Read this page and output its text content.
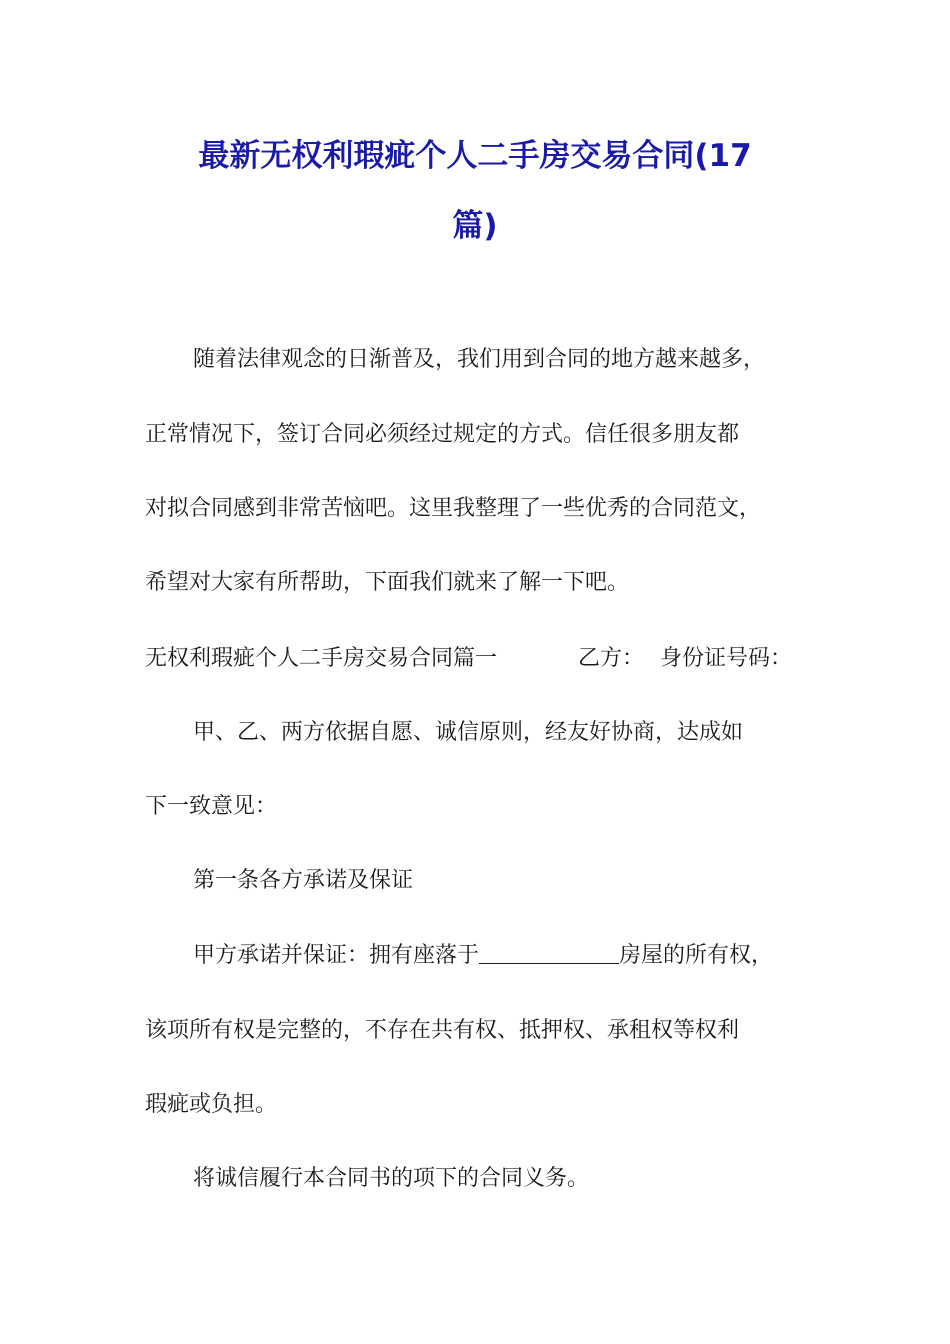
最新无权利瑕疵个人二手房交易合同(17
篇)

随着法律观念的日渐普及，我们用到合同的地方越来越多，

正常情况下，签订合同必须经过规定的方式。信任很多朋友都

对拟合同感到非常苦恼吧。这里我整理了一些优秀的合同范文，

希望对大家有所帮助，下面我们就来了解一下吧。

无权利瑕疵个人二手房交易合同篇一	乙方： 身份证号码：

甲、乙、两方依据自愿、诚信原则，经友好协商，达成如

下一致意见：

第一条各方承诺及保证

甲方承诺并保证：拥有座落于	房屋的所有权，

该项所有权是完整的，不存在共有权、抵押权、承租权等权利

瑕疵或负担。

将诚信履行本合同书的项下的合同义务。
